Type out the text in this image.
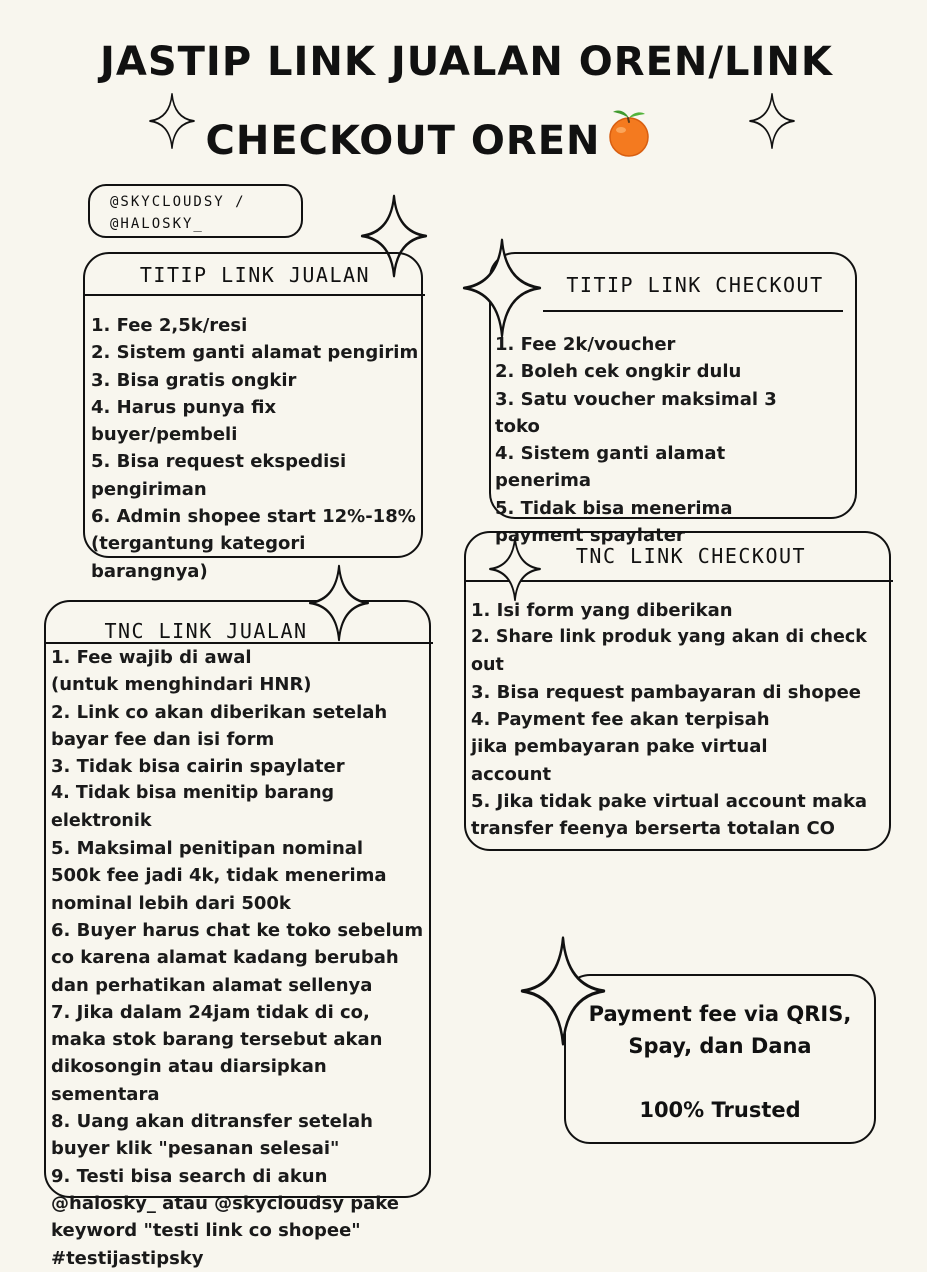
JASTIP LINK JUALAN OREN/LINK
CHECKOUT OREN
@SKYCLOUDSY /
@HALOSKY_
TITIP LINK JUALAN
1. Fee 2,5k/resi
2. Sistem ganti alamat pengirim
3. Bisa gratis ongkir
4. Harus punya fix buyer/pembeli
5. Bisa request ekspedisi pengiriman
6. Admin shopee start 12%-18% (tergantung kategori barangnya)
TITIP LINK CHECKOUT
1. Fee 2k/voucher
2. Boleh cek ongkir dulu
3. Satu voucher maksimal 3 toko
4. Sistem ganti alamat penerima
5. Tidak bisa menerima payment spaylater
TNC LINK CHECKOUT
1. Isi form yang diberikan
2. Share link produk yang akan di check out
3. Bisa request pambayaran di shopee
4. Payment fee akan terpisah jika pembayaran pake virtual account
5. Jika tidak pake virtual account maka transfer feenya berserta totalan CO
TNC LINK JUALAN
1. Fee wajib di awal (untuk menghindari HNR)
2. Link co akan diberikan setelah bayar fee dan isi form
3. Tidak bisa cairin spaylater
4. Tidak bisa menitip barang elektronik
5. Maksimal penitipan nominal 500k fee jadi 4k, tidak menerima nominal lebih dari 500k
6. Buyer harus chat ke toko sebelum co karena alamat kadang berubah dan perhatikan alamat sellenya
7. Jika dalam 24jam tidak di co, maka stok barang tersebut akan dikosongin atau diarsipkan sementara
8. Uang akan ditransfer setelah buyer klik "pesanan selesai"
9. Testi bisa search di akun @halosky_ atau @skycloudsy pake keyword "testi link co shopee" #testijastipsky
Payment fee via QRIS,
Spay, dan Dana
100% Trusted
